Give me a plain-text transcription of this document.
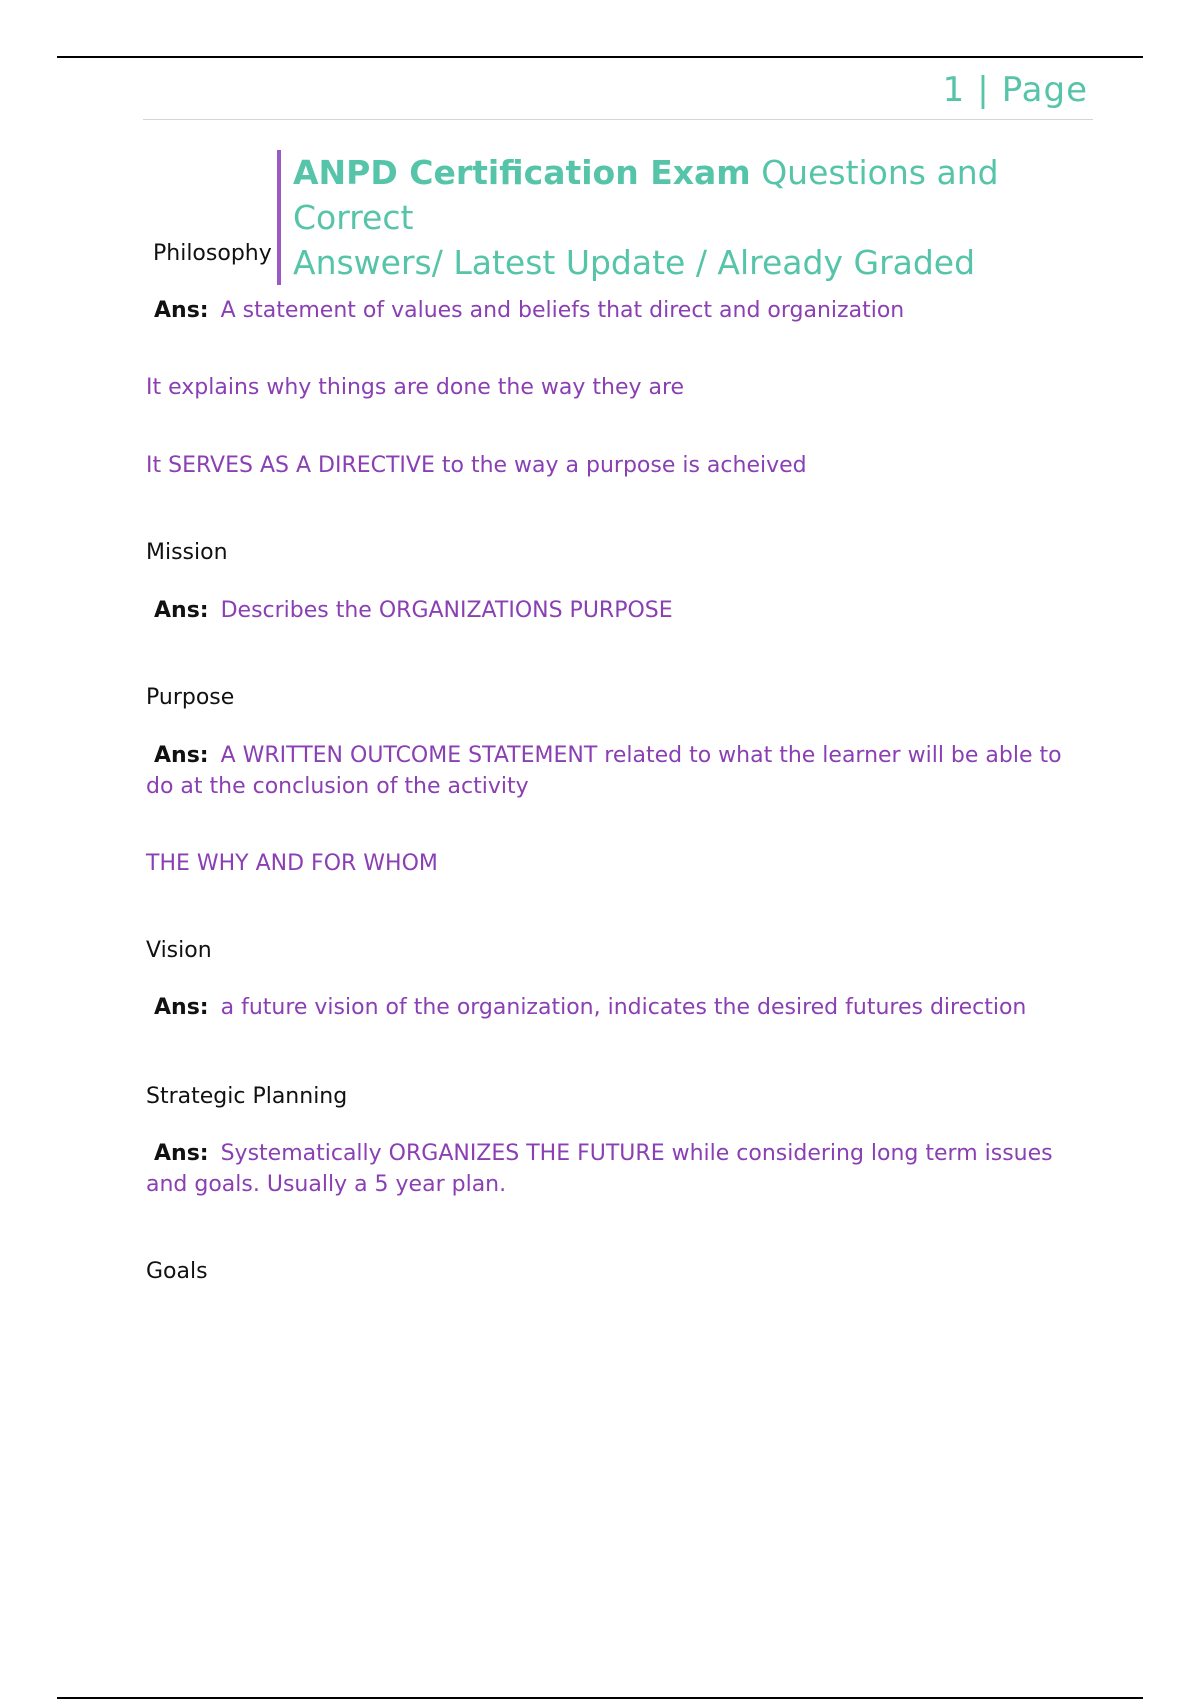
1 | Page
ANPD Certification Exam Questions and Correct
Answers/ Latest Update / Already Graded
Philosophy
Ans: A statement of values and beliefs that direct and organization
It explains why things are done the way they are
It SERVES AS A DIRECTIVE to the way a purpose is acheived
Mission
Ans: Describes the ORGANIZATIONS PURPOSE
Purpose
Ans: A WRITTEN OUTCOME STATEMENT related to what the learner will be able to do at the conclusion of the activity
THE WHY AND FOR WHOM
Vision
Ans: a future vision of the organization, indicates the desired futures direction
Strategic Planning
Ans: Systematically ORGANIZES THE FUTURE while considering long term issues and goals. Usually a 5 year plan.
Goals
